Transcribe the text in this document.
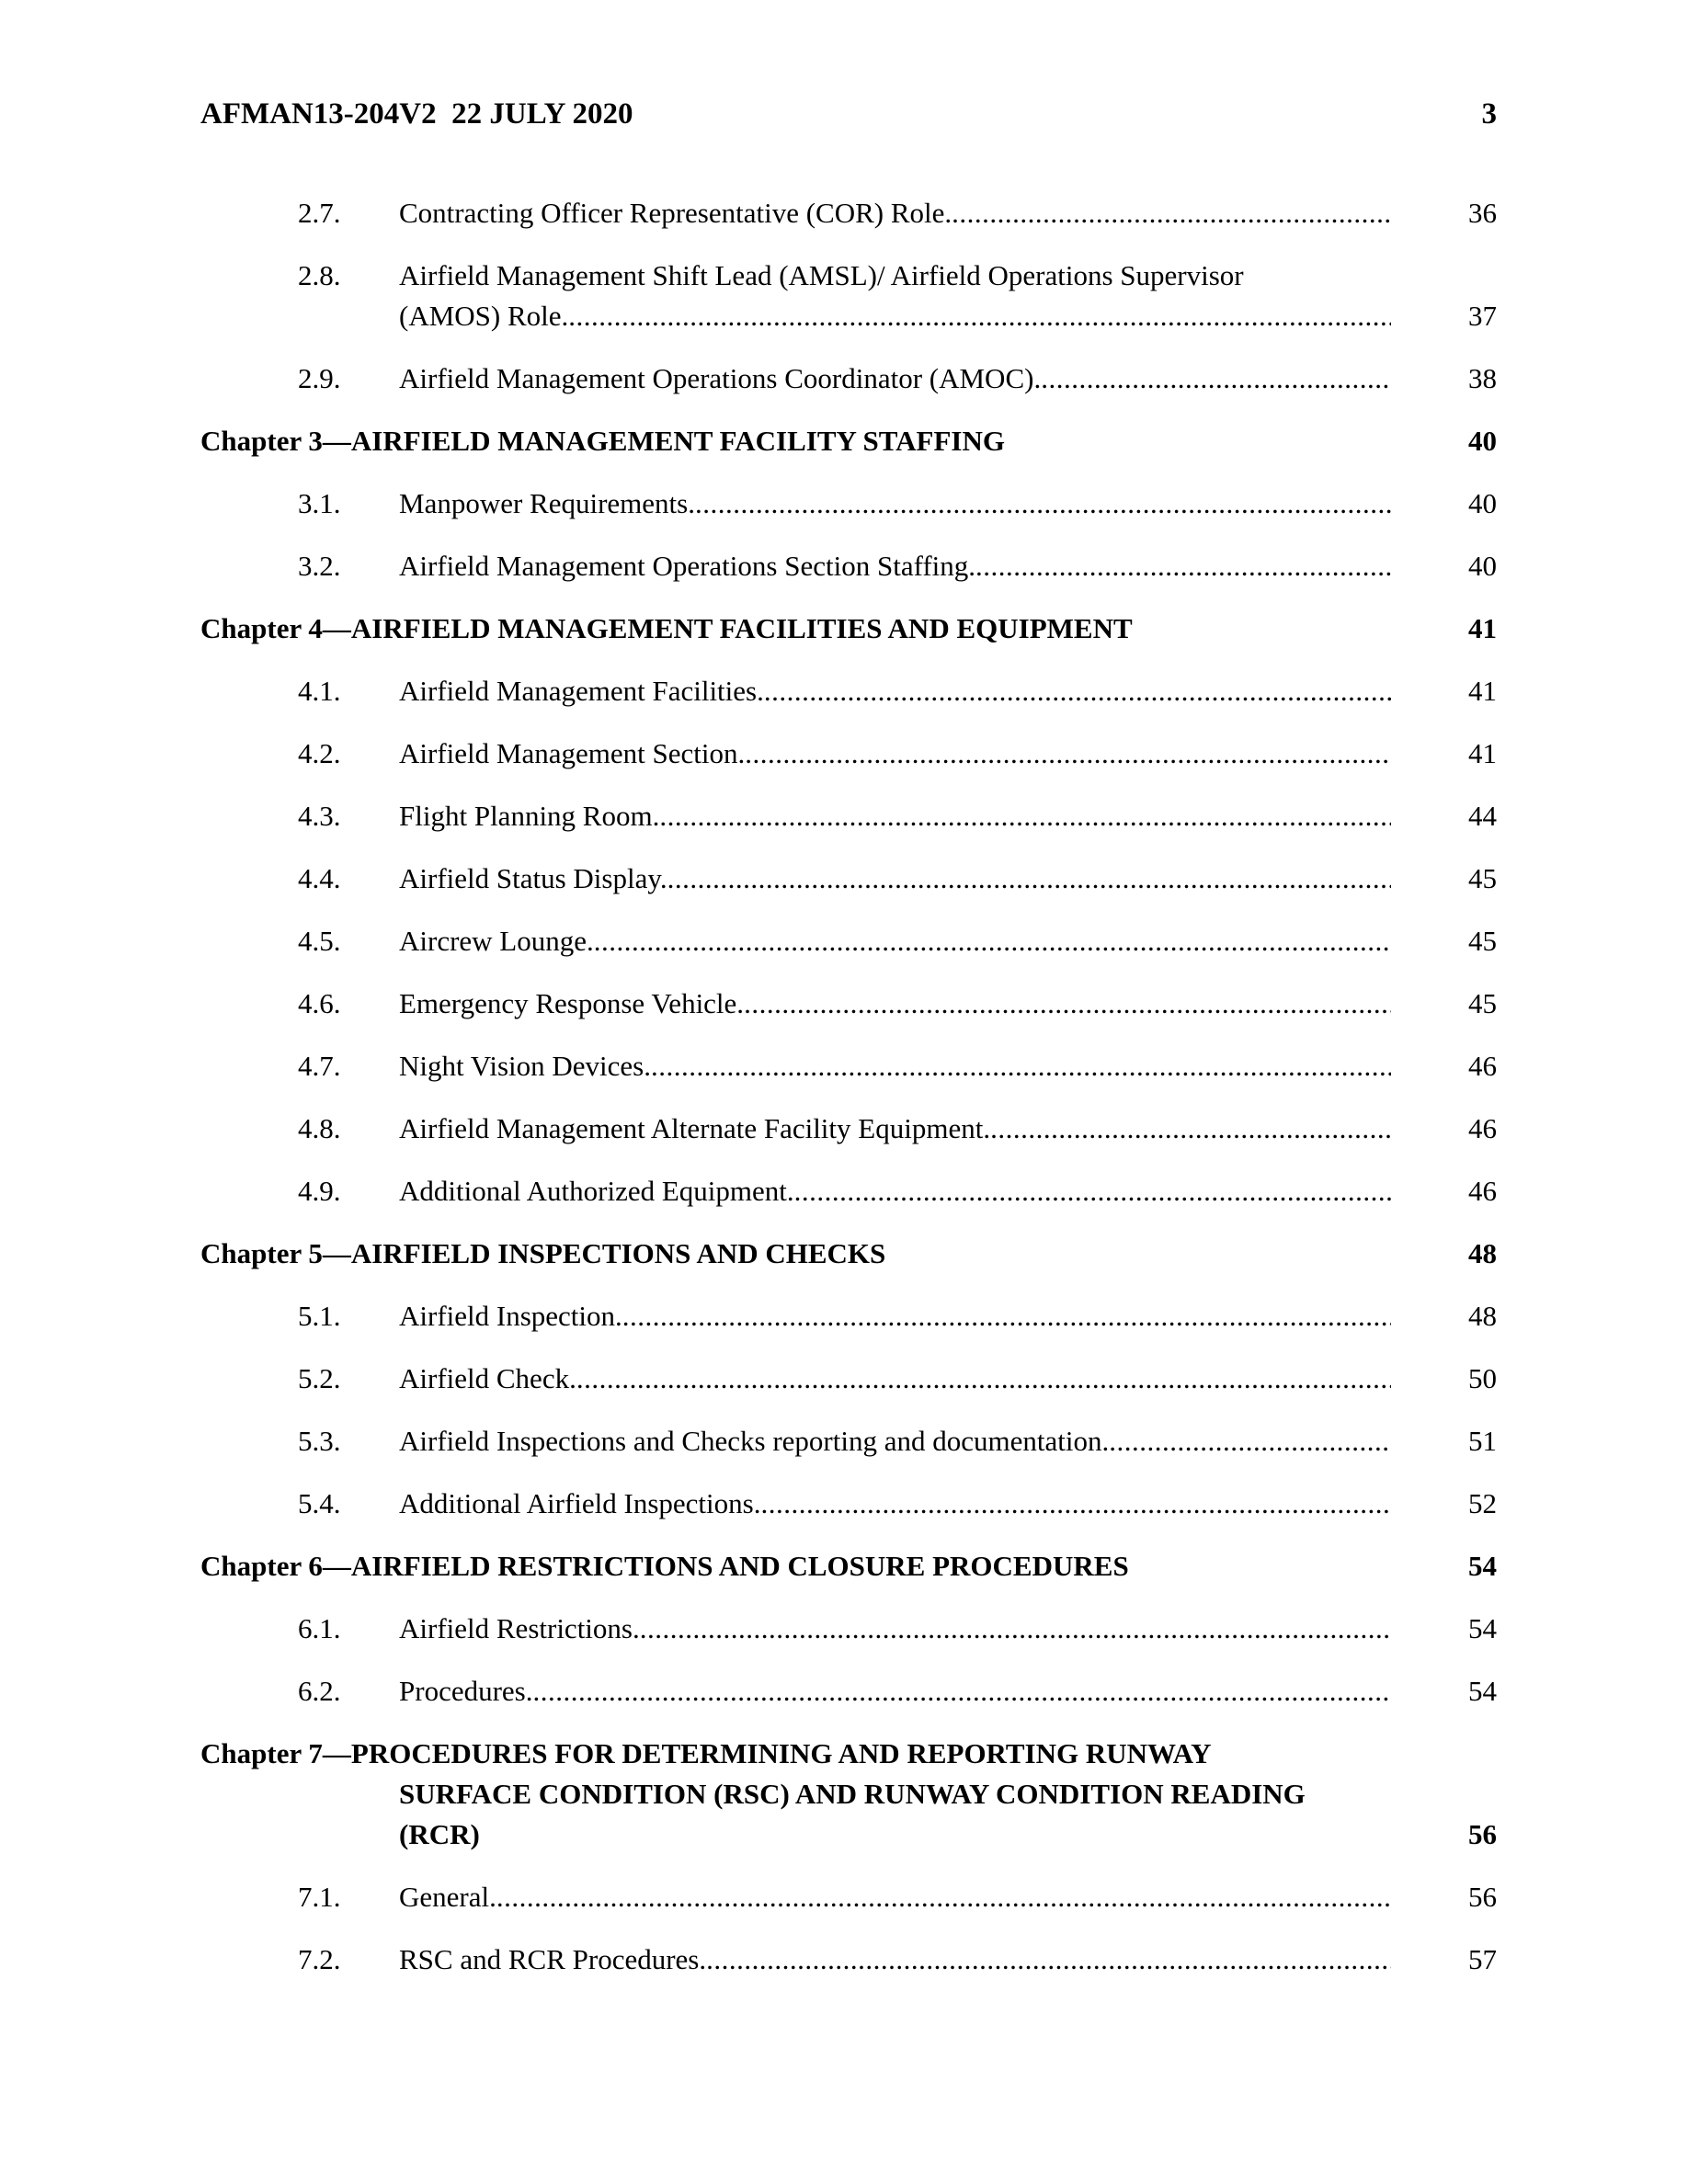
AFMAN13-204V2  22 JULY 2020	3
2.7. Contracting Officer Representative (COR) Role. .....	36
2.8. Airfield Management Shift Lead (AMSL)/ Airfield Operations Supervisor
(AMOS) Role. .....	37
2.9. Airfield Management Operations Coordinator (AMOC). .....	38
Chapter 3—AIRFIELD MANAGEMENT FACILITY STAFFING	40
3.1. Manpower Requirements. .....	40
3.2. Airfield Management Operations Section Staffing. .....	40
Chapter 4—AIRFIELD MANAGEMENT FACILITIES AND EQUIPMENT	41
4.1. Airfield Management Facilities. .....	41
4.2. Airfield Management Section. .....	41
4.3. Flight Planning Room. .....	44
4.4. Airfield Status Display. .....	45
4.5. Aircrew Lounge. .....	45
4.6. Emergency Response Vehicle. .....	45
4.7. Night Vision Devices. .....	46
4.8. Airfield Management Alternate Facility Equipment. .....	46
4.9. Additional Authorized Equipment. .....	46
Chapter 5—AIRFIELD INSPECTIONS AND CHECKS	48
5.1. Airfield Inspection. .....	48
5.2. Airfield Check. .....	50
5.3. Airfield Inspections and Checks reporting and documentation. .....	51
5.4. Additional Airfield Inspections. .....	52
Chapter 6—AIRFIELD RESTRICTIONS AND CLOSURE PROCEDURES	54
6.1. Airfield Restrictions. .....	54
6.2. Procedures. .....	54
Chapter 7—PROCEDURES FOR DETERMINING AND REPORTING RUNWAY
SURFACE CONDITION (RSC) AND RUNWAY CONDITION READING
(RCR)	56
7.1. General. .....	56
7.2. RSC and RCR Procedures. .....	57
